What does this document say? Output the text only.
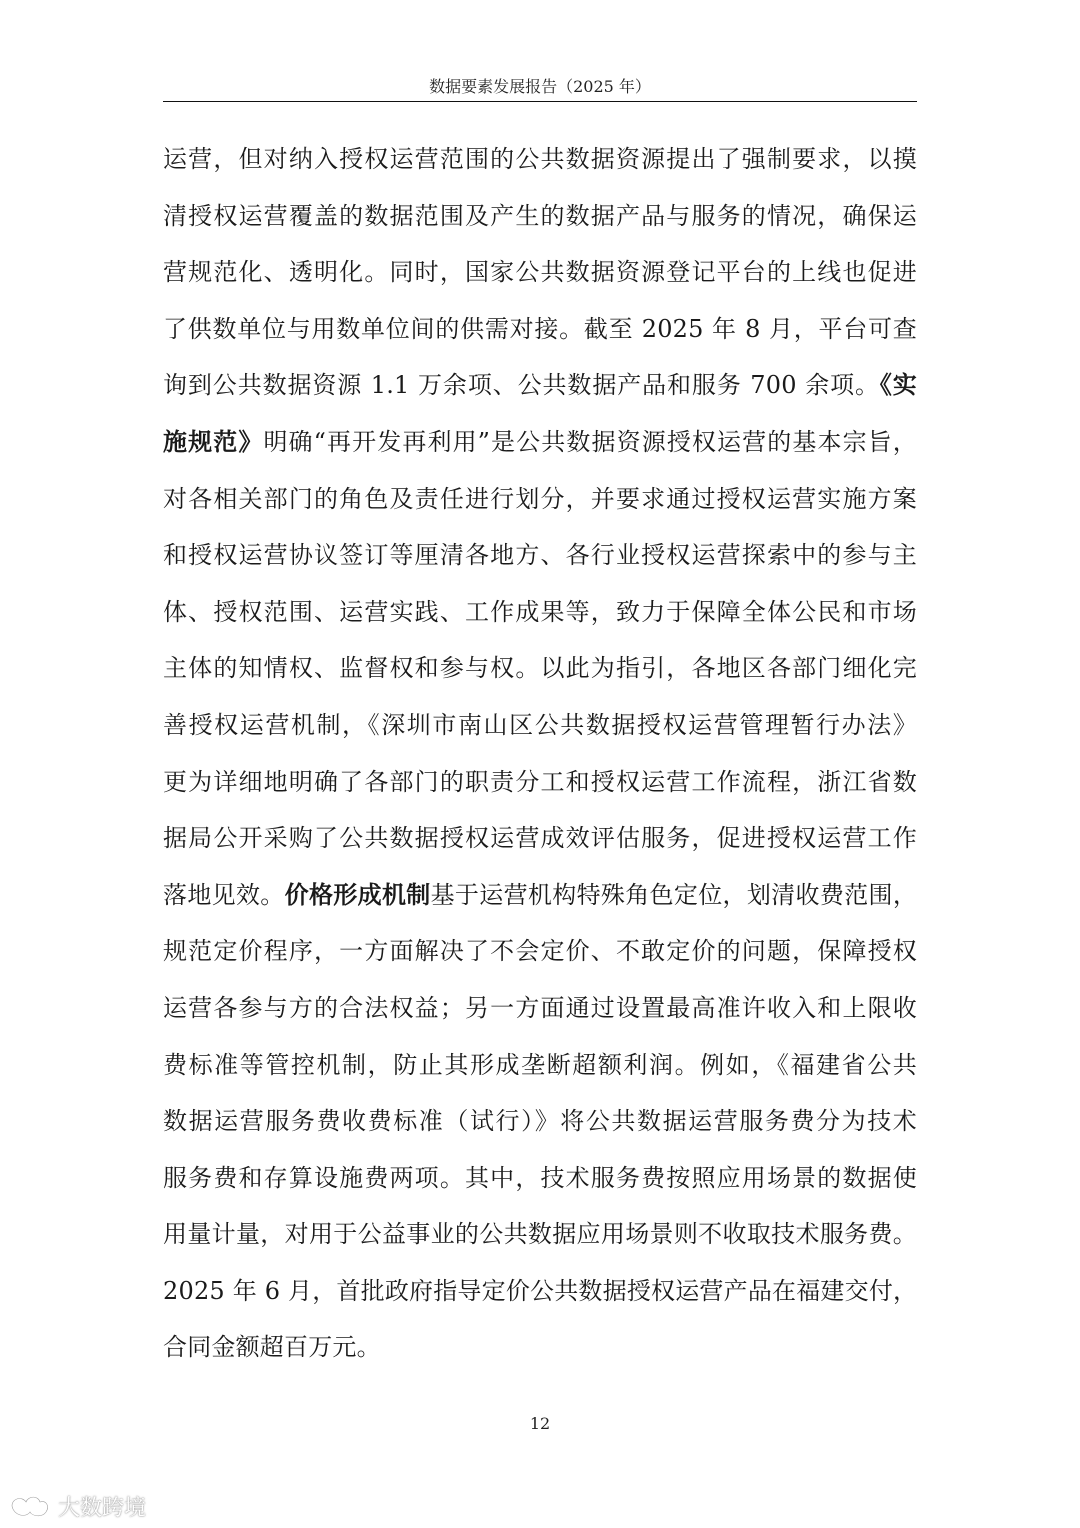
数据要素发展报告（2025 年）
运营，但对纳入授权运营范围的公共数据资源提出了强制要求，以摸
清授权运营覆盖的数据范围及产生的数据产品与服务的情况，确保运
营规范化、透明化。同时，国家公共数据资源登记平台的上线也促进
了供数单位与用数单位间的供需对接。截至 2025 年 8 月，平台可查
询到公共数据资源 1.1 万余项、公共数据产品和服务 700 余项。《实
施规范》明确“再开发再利用”是公共数据资源授权运营的基本宗旨，
对各相关部门的角色及责任进行划分，并要求通过授权运营实施方案
和授权运营协议签订等厘清各地方、各行业授权运营探索中的参与主
体、授权范围、运营实践、工作成果等，致力于保障全体公民和市场
主体的知情权、监督权和参与权。以此为指引，各地区各部门细化完
善授权运营机制，《深圳市南山区公共数据授权运营管理暂行办法》
更为详细地明确了各部门的职责分工和授权运营工作流程，浙江省数
据局公开采购了公共数据授权运营成效评估服务，促进授权运营工作
落地见效。价格形成机制基于运营机构特殊角色定位，划清收费范围，
规范定价程序，一方面解决了不会定价、不敢定价的问题，保障授权
运营各参与方的合法权益；另一方面通过设置最高准许收入和上限收
费标准等管控机制，防止其形成垄断超额利润。例如，《福建省公共
数据运营服务费收费标准（试行）》将公共数据运营服务费分为技术
服务费和存算设施费两项。其中，技术服务费按照应用场景的数据使
用量计量，对用于公益事业的公共数据应用场景则不收取技术服务费。
2025 年 6 月，首批政府指导定价公共数据授权运营产品在福建交付，
合同金额超百万元。
12
大数跨境
